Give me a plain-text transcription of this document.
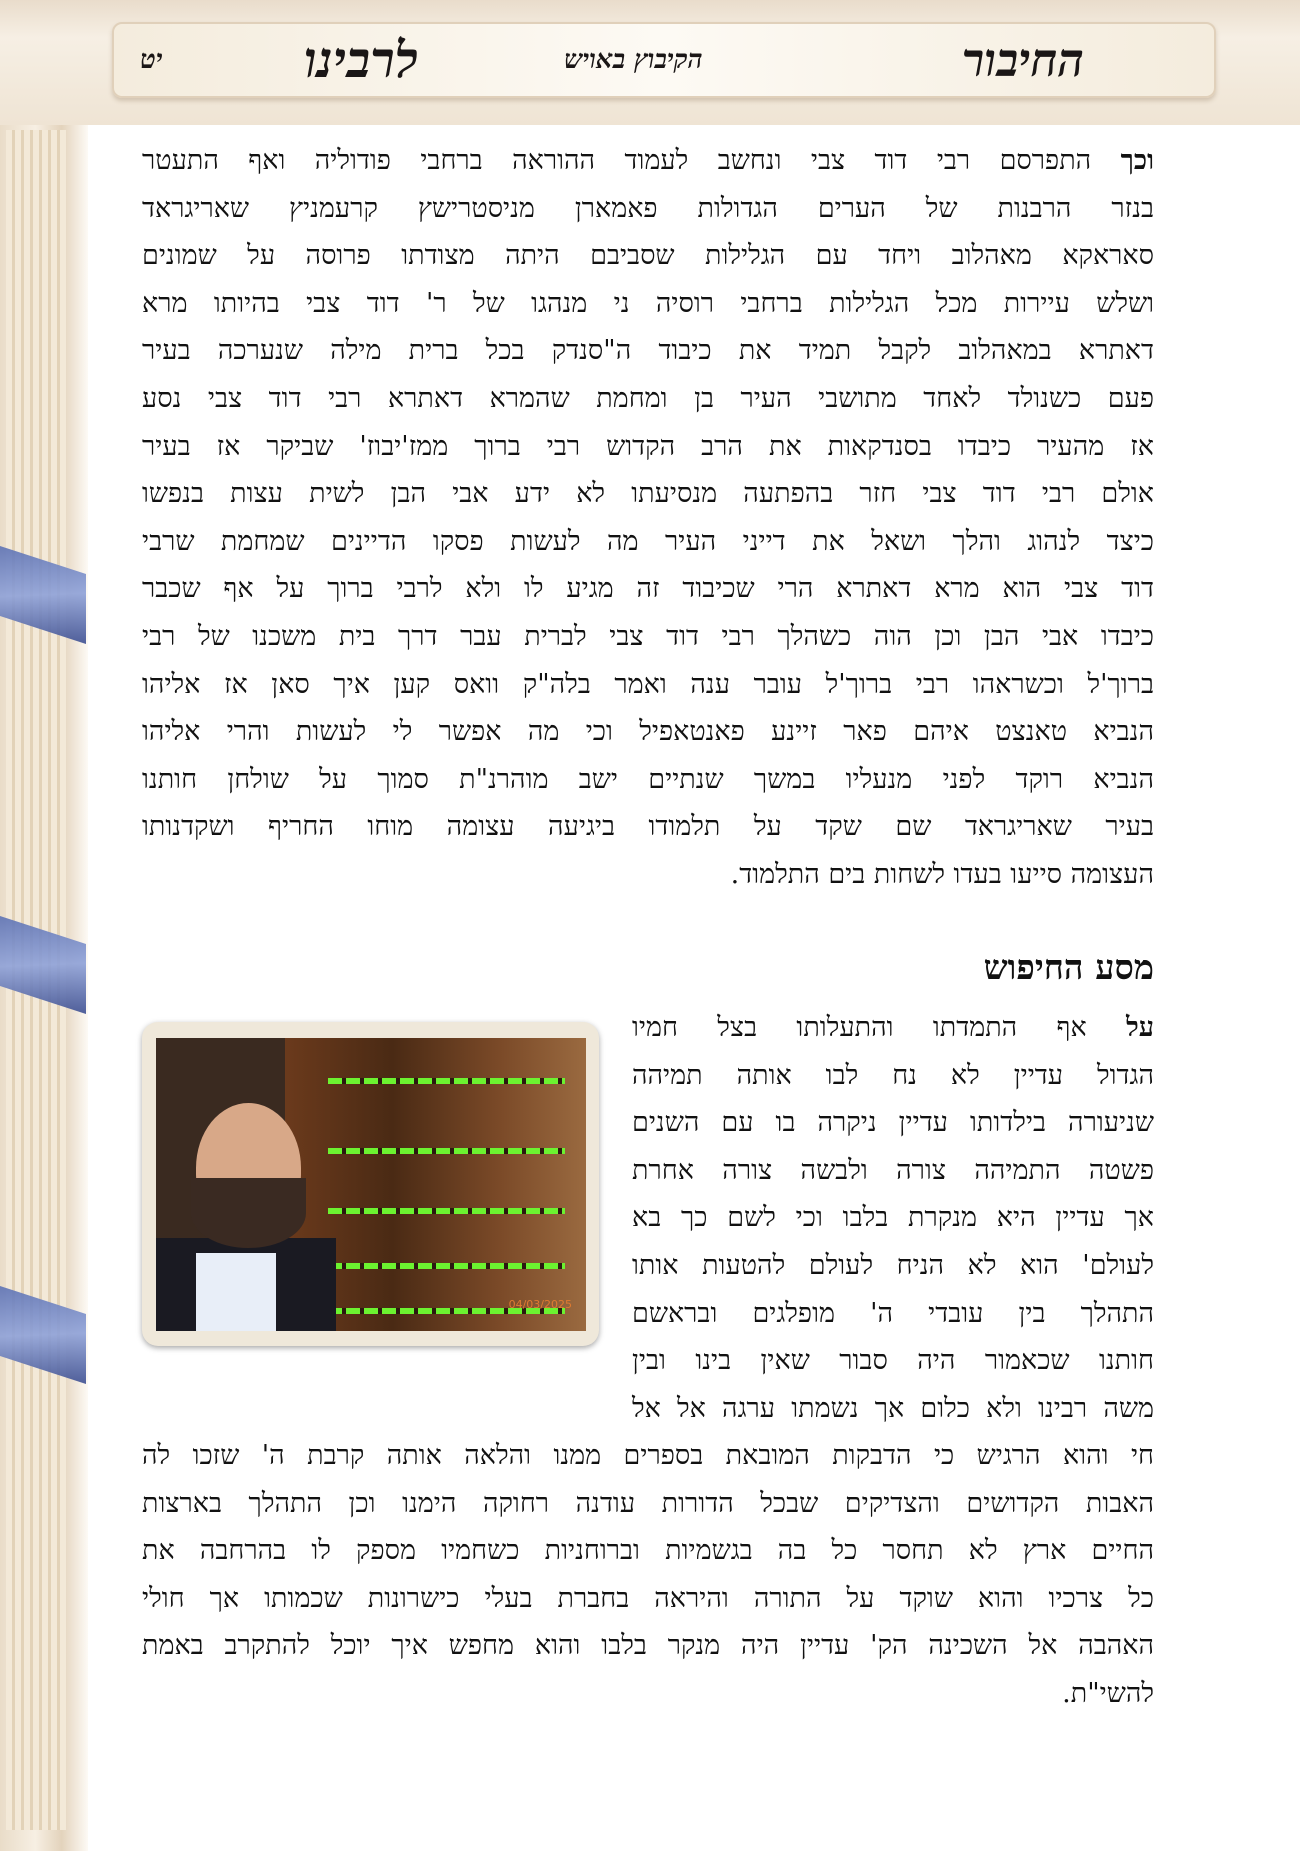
החיבור
הקיבוץ באויש
לרבינו
יט
וכך התפרסם רבי דוד צבי ונחשב לעמוד ההוראה ברחבי פודוליה ואף התעטר
בנזר הרבנות של הערים הגדולות פאמארן מניסטרישץ קרעמניץ שאריגראד
סאראקא מאהלוב ויחד עם הגלילות שסביבם היתה מצודתו פרוסה על שמונים
ושלש עיירות מכל הגלילות ברחבי רוסיה ני מנהגו של ר' דוד צבי בהיותו מרא
דאתרא במאהלוב לקבל תמיד את כיבוד ה"סנדק בכל ברית מילה שנערכה בעיר
פעם כשנולד לאחד מתושבי העיר בן ומחמת שהמרא דאתרא רבי דוד צבי נסע
אז מהעיר כיבדו בסנדקאות את הרב הקדוש רבי ברוך ממז'יבוז' שביקר אז בעיר
אולם רבי דוד צבי חזר בהפתעה מנסיעתו לא ידע אבי הבן לשית עצות בנפשו
כיצד לנהוג והלך ושאל את דייני העיר מה לעשות פסקו הדיינים שמחמת שרבי
דוד צבי הוא מרא דאתרא הרי שכיבוד זה מגיע לו ולא לרבי ברוך על אף שכבר
כיבדו אבי הבן וכן הוה כשהלך רבי דוד צבי לברית עבר דרך בית משכנו של רבי
ברוך'ל וכשראהו רבי ברוך'ל עובר ענה ואמר בלה"ק וואס קען איך סאן אז אליהו
הנביא טאנצט איהם פאר זיינע פאנטאפיל וכי מה אפשר לי לעשות והרי אליהו
הנביא רוקד לפני מנעליו במשך שנתיים ישב מוהרנ"ת סמוך על שולחן חותנו
בעיר שאריגראד שם שקד על תלמודו ביגיעה עצומה מוחו החריף ושקדנותו
העצומה סייעו בעדו לשחות בים התלמוד.
מסע החיפוש
04/03/2025
על אף התמדתו והתעלותו בצל חמיו
הגדול עדיין לא נח לבו אותה תמיהה
שניעורה בילדותו עדיין ניקרה בו עם השנים
פשטה התמיהה צורה ולבשה צורה אחרת
אך עדיין היא מנקרת בלבו וכי לשם כך בא
לעולם' הוא לא הניח לעולם להטעות אותו
התהלך בין עובדי ה' מופלגים ובראשם
חותנו שכאמור היה סבור שאין בינו ובין
משה רבינו ולא כלום אך נשמתו ערגה אל אל
חי והוא הרגיש כי הדבקות המובאת בספרים ממנו והלאה אותה קרבת ה' שזכו לה
האבות הקדושים והצדיקים שבכל הדורות עודנה רחוקה הימנו וכן התהלך בארצות
החיים ארץ לא תחסר כל בה בגשמיות וברוחניות כשחמיו מספק לו בהרחבה את
כל צרכיו והוא שוקד על התורה והיראה בחברת בעלי כישרונות שכמותו אך חולי
האהבה אל השכינה הק' עדיין היה מנקר בלבו והוא מחפש איך יוכל להתקרב באמת
להשי"ת.
